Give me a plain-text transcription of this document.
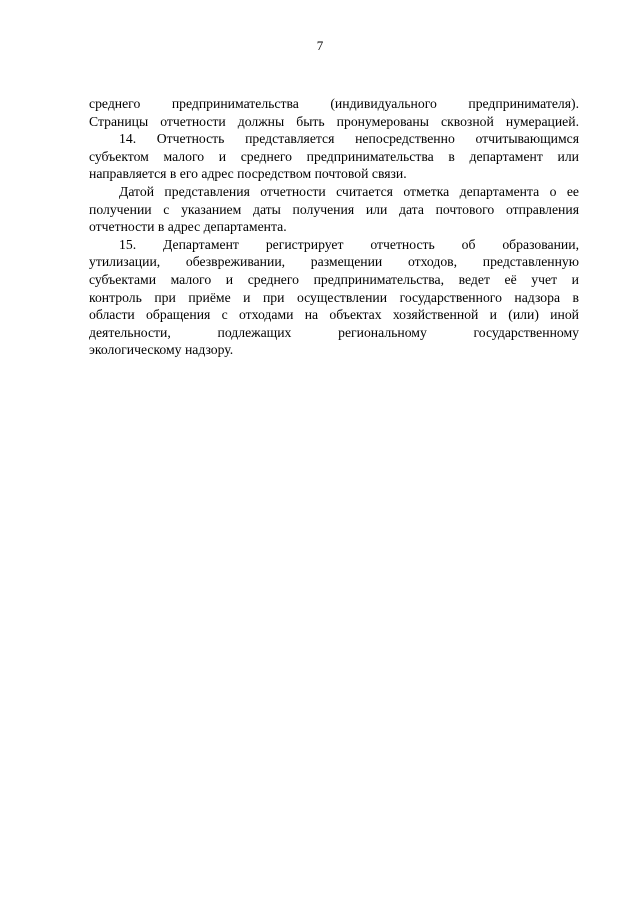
7
среднего предпринимательства (индивидуального предпринимателя).
Страницы отчетности должны быть пронумерованы сквозной нумерацией.
14. Отчетность представляется непосредственно отчитывающимся
субъектом малого и среднего предпринимательства в департамент или
направляется в его адрес посредством почтовой связи.
Датой представления отчетности считается отметка департамента о ее
получении с указанием даты получения или дата почтового отправления
отчетности в адрес департамента.
15. Департамент регистрирует отчетность об образовании,
утилизации, обезвреживании, размещении отходов, представленную
субъектами малого и среднего предпринимательства, ведет её учет и
контроль при приёме и при осуществлении государственного надзора в
области обращения с отходами на объектах хозяйственной и (или) иной
деятельности, подлежащих региональному государственному
экологическому надзору.
